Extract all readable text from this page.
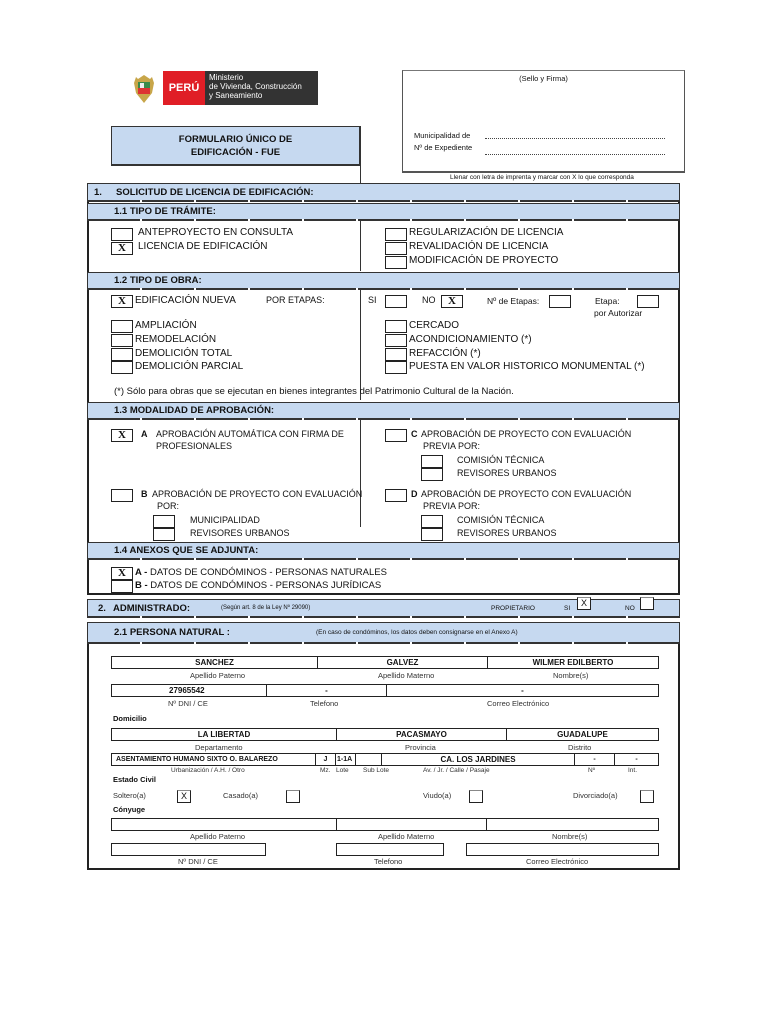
PERÚ
Ministerio
de Vivienda, Construcción
y Saneamiento
FORMULARIO ÚNICO DE
EDIFICACIÓN - FUE
(Sello y Firma)
Municipalidad de
Nº de Expediente
Llenar con letra de imprenta y marcar con X lo que corresponda
1. SOLICITUD DE LICENCIA DE EDIFICACIÓN:
1.1 TIPO DE TRÁMITE:
ANTEPROYECTO EN CONSULTA
X	LICENCIA DE EDIFICACIÓN
REGULARIZACIÓN DE LICENCIA
REVALIDACIÓN DE LICENCIA
MODIFICACIÓN DE PROYECTO
1.2 TIPO DE OBRA:
X EDIFICACIÓN NUEVA	POR ETAPAS:	SI	NO	X	Nº de Etapas:	Etapa:
por Autorizar
AMPLIACIÓN
REMODELACIÓN
DEMOLICIÓN TOTAL
DEMOLICIÓN PARCIAL
CERCADO
ACONDICIONAMIENTO (*)
REFACCIÓN (*)
PUESTA EN VALOR HISTORICO MONUMENTAL (*)
(*) Sólo para obras que se ejecutan en bienes integrantes del Patrimonio Cultural de la Nación.
1.3 MODALIDAD DE APROBACIÓN:
X	A APROBACIÓN AUTOMÁTICA CON FIRMA DE
PROFESIONALES
C APROBACIÓN DE PROYECTO CON EVALUACIÓN
PREVIA POR:
COMISIÓN TÉCNICA
REVISORES URBANOS
B APROBACIÓN DE PROYECTO CON EVALUACIÓN
POR:
MUNICIPALIDAD
REVISORES URBANOS
D APROBACIÓN DE PROYECTO CON EVALUACIÓN
PREVIA POR:
COMISIÓN TÉCNICA
REVISORES URBANOS
1.4 ANEXOS QUE SE ADJUNTA:
X A - DATOS DE CONDÓMINOS - PERSONAS NATURALES
B - DATOS DE CONDÓMINOS - PERSONAS JURÍDICAS
2. ADMINISTRADO:	(Según art. 8 de la Ley Nº 29090)	PROPIETARIO	SI	NO
X
2.1 PERSONA NATURAL :	(En caso de condóminos, los datos deben consignarse en el Anexo A)
SANCHEZ	GALVEZ	WILMER EDILBERTO
Apellido Paterno	Apellido Materno	Nombre(s)
27965542	-	-
Nº DNI / CE	Telefono	Correo Electrónico
Domicilio
LA LIBERTAD	PACASMAYO	GUADALUPE
Departamento	Provincia	Distrito
ASENTAMIENTO HUMANO SIXTO O. BALAREZO	J	1-1A	CA. LOS JARDINES	-	-
Urbanización / A.H. / Otro	Mz. Lote Sub Lote	Av. / Jr. / Calle / Pasaje	Nº	Int.
Estado Civil
Soltero(a)	X	Casado(a)	Viudo(a)	Divorciado(a)
Cónyuge
Apellido Paterno	Apellido Materno	Nombre(s)
Nº DNI / CE	Telefono	Correo Electrónico
